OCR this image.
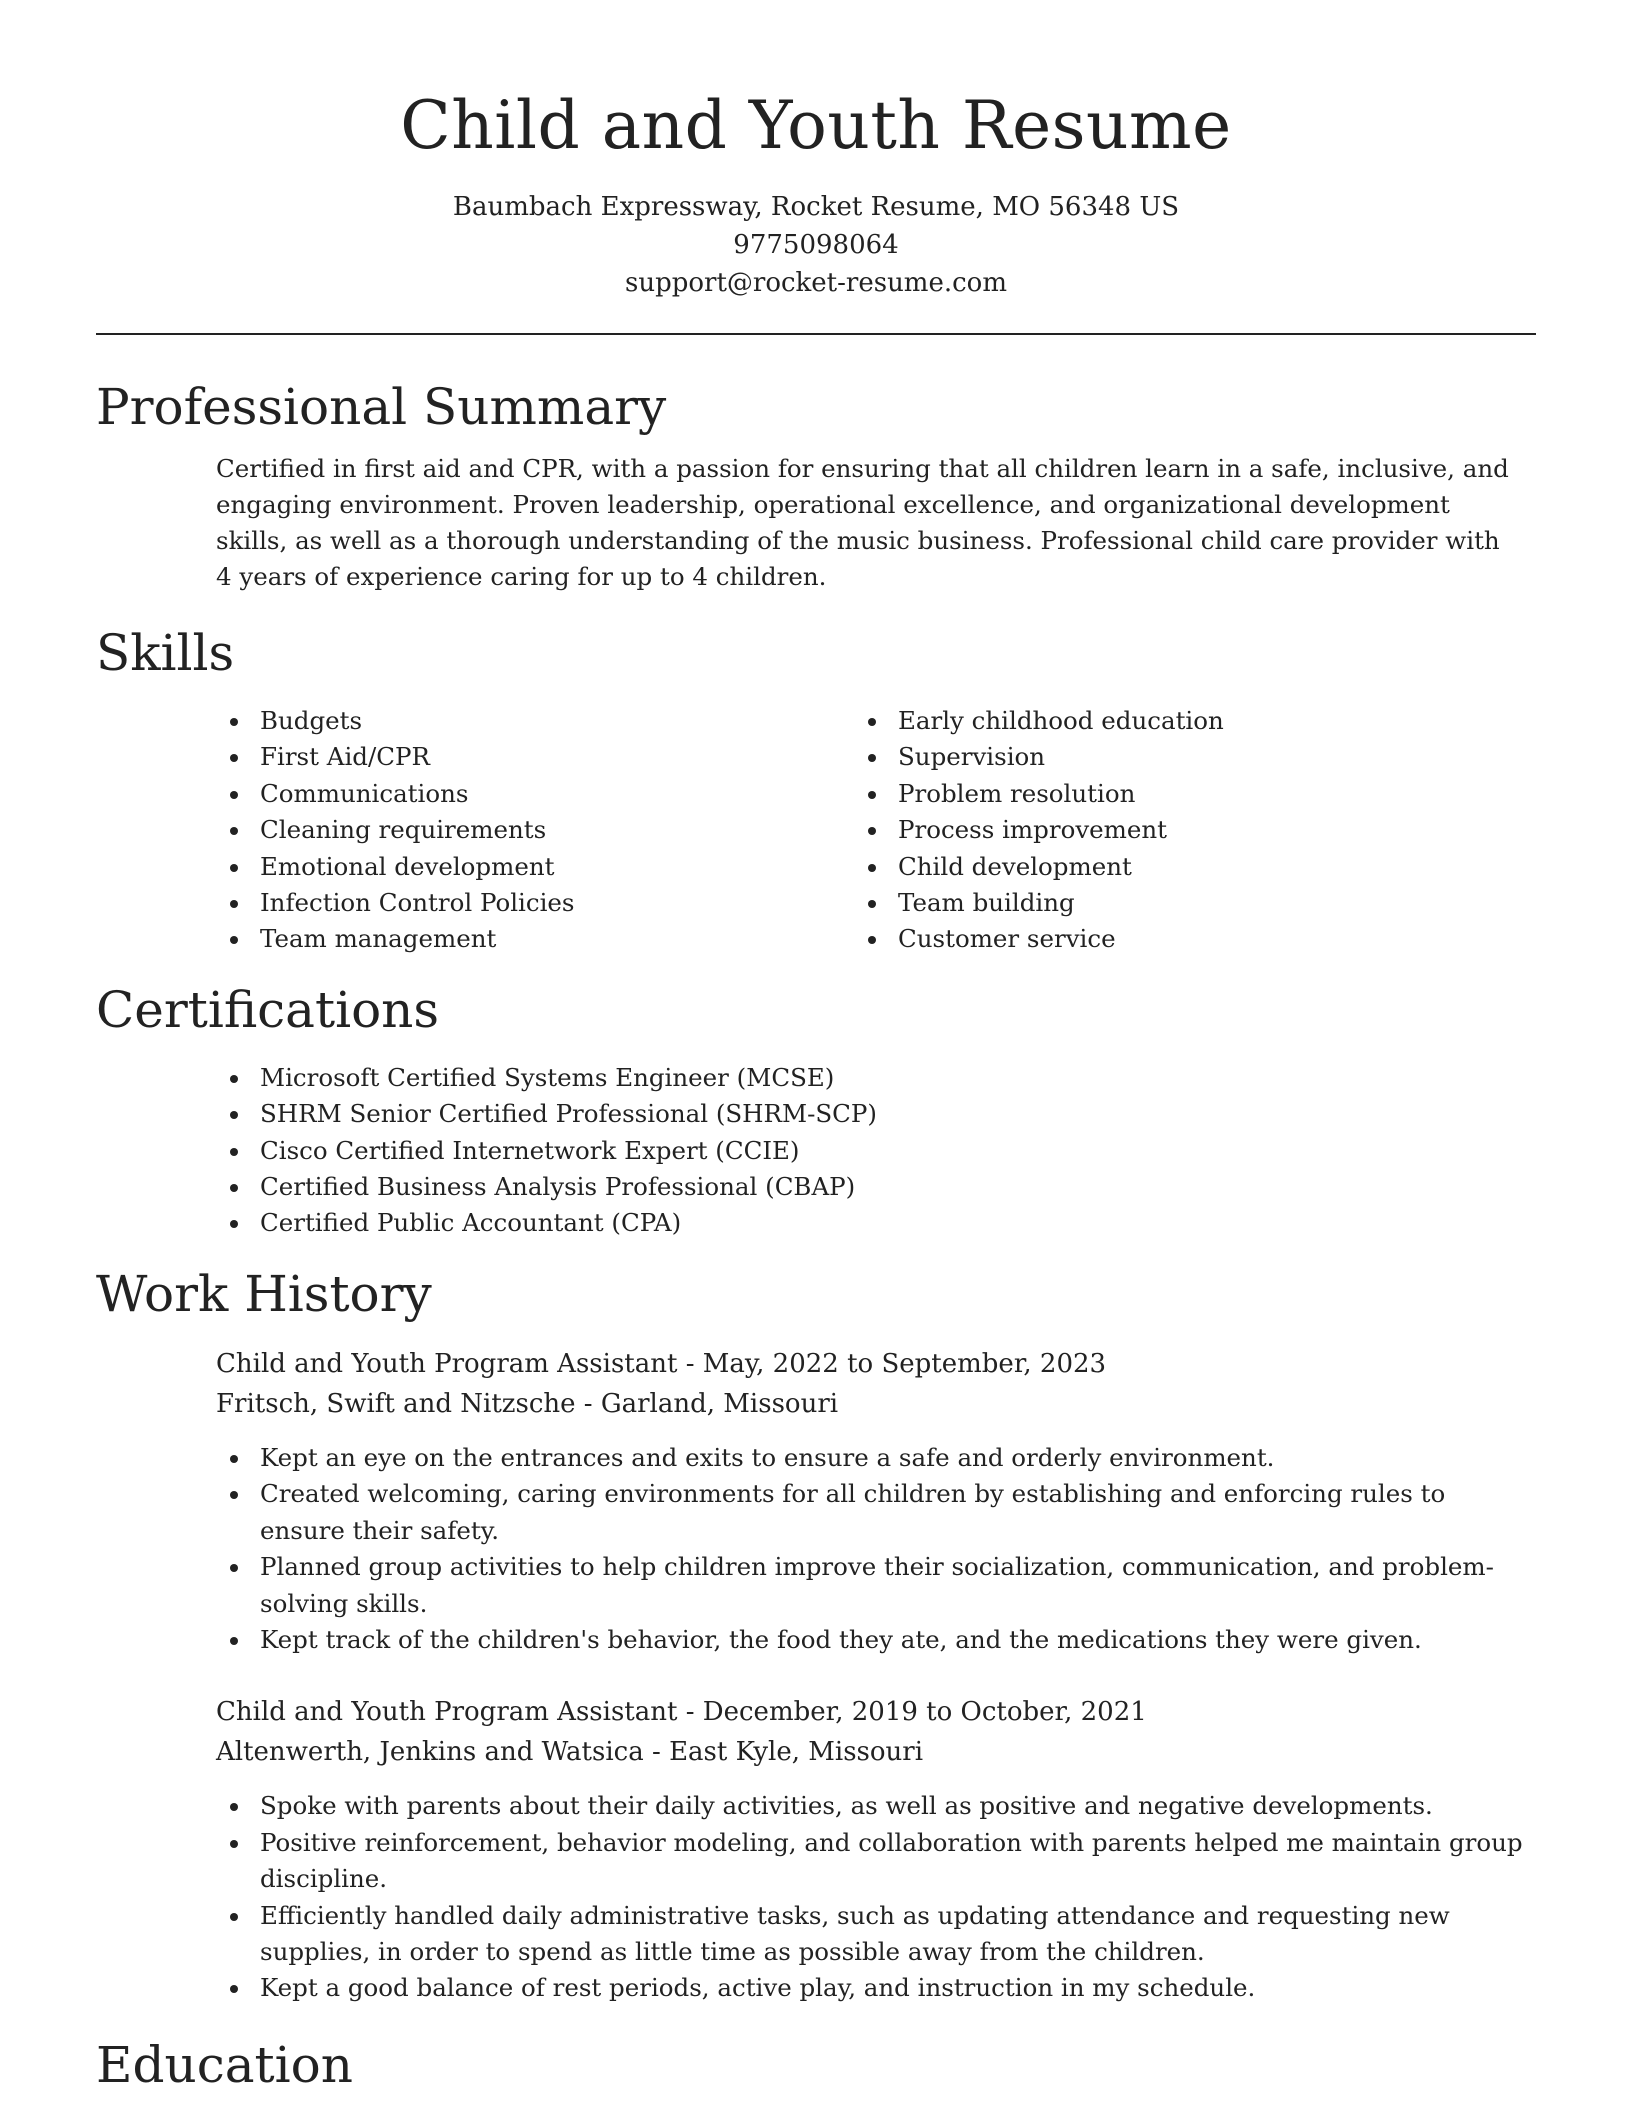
Child and Youth Resume
Baumbach Expressway, Rocket Resume, MO 56348 US
9775098064
support@rocket-resume.com
Professional Summary

Certified in first aid and CPR, with a passion for ensuring that all children learn in a safe, inclusive, and engaging environment. Proven leadership, operational excellence, and organizational development skills, as well as a thorough understanding of the music business. Professional child care provider with 4 years of experience caring for up to 4 children.

Skills
Budgets
First Aid/CPR
Communications
Cleaning requirements
Emotional development
Infection Control Policies
Team management
Early childhood education
Supervision
Problem resolution
Process improvement
Child development
Team building
Customer service
Certifications
Microsoft Certified Systems Engineer (MCSE)
SHRM Senior Certified Professional (SHRM-SCP)
Cisco Certified Internetwork Expert (CCIE)
Certified Business Analysis Professional (CBAP)
Certified Public Accountant (CPA)
Work History
Child and Youth Program Assistant - May, 2022 to September, 2023
Fritsch, Swift and Nitzsche - Garland, Missouri
Kept an eye on the entrances and exits to ensure a safe and orderly environment.
Created welcoming, caring environments for all children by establishing and enforcing rules to ensure their safety.
Planned group activities to help children improve their socialization, communication, and problem-solving skills.
Kept track of the children's behavior, the food they ate, and the medications they were given.
Child and Youth Program Assistant - December, 2019 to October, 2021
Altenwerth, Jenkins and Watsica - East Kyle, Missouri
Spoke with parents about their daily activities, as well as positive and negative developments.
Positive reinforcement, behavior modeling, and collaboration with parents helped me maintain group discipline.
Efficiently handled daily administrative tasks, such as updating attendance and requesting new supplies, in order to spend as little time as possible away from the children.
Kept a good balance of rest periods, active play, and instruction in my schedule.
Education
